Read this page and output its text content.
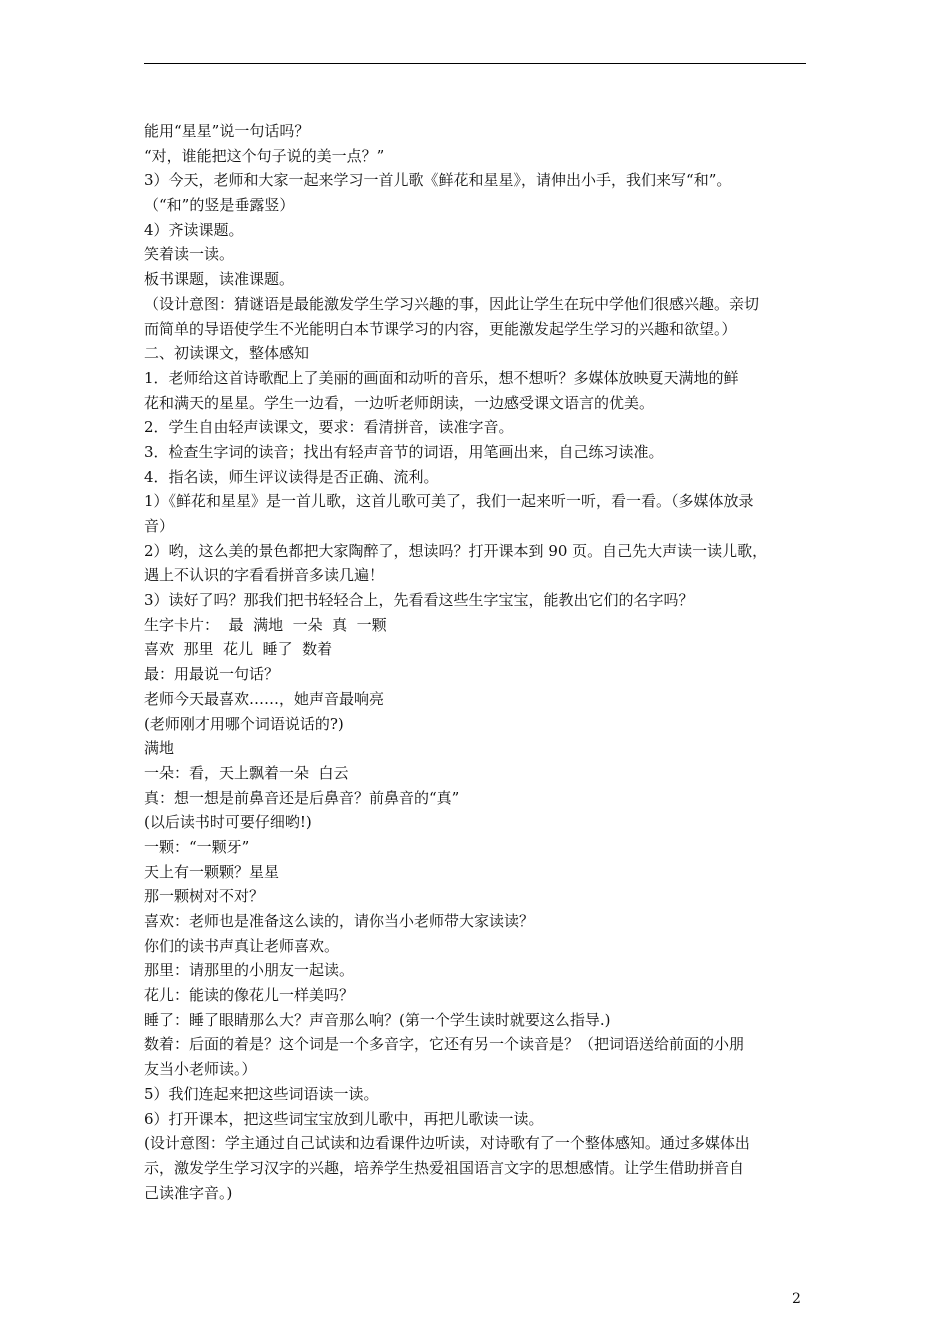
能用“星星”说一句话吗？
“对，谁能把这个句子说的美一点？”
3）今天，老师和大家一起来学习一首儿歌《鲜花和星星》，请伸出小手，我们来写“和”。
（“和”的竖是垂露竖）
4）齐读课题。
笑着读一读。
板书课题，读准课题。
（设计意图：猜谜语是最能激发学生学习兴趣的事，因此让学生在玩中学他们很感兴趣。亲切
而简单的导语使学生不光能明白本节课学习的内容，更能激发起学生学习的兴趣和欲望。）
二、初读课文，整体感知
1．老师给这首诗歌配上了美丽的画面和动听的音乐，想不想听？多媒体放映夏天满地的鲜
花和满天的星星。学生一边看，一边听老师朗读，一边感受课文语言的优美。
2．学生自由轻声读课文，要求：看清拼音，读准字音。
3．检查生字词的读音；找出有轻声音节的词语，用笔画出来，自己练习读准。
4．指名读，师生评议读得是否正确、流利。
1）《鲜花和星星》是一首儿歌，这首儿歌可美了，我们一起来听一听，看一看。（多媒体放录
音）
2）哟，这么美的景色都把大家陶醉了，想读吗？打开课本到 90 页。自己先大声读一读儿歌，
遇上不认识的字看看拼音多读几遍！
3）读好了吗？那我们把书轻轻合上，先看看这些生字宝宝，能教出它们的名字吗？
生字卡片：  最  满地  一朵  真  一颗
喜欢  那里  花儿  睡了  数着
最：用最说一句话？
老师今天最喜欢……，她声音最响亮
(老师刚才用哪个词语说话的?)
满地
一朵：看，天上飘着一朵  白云
真：想一想是前鼻音还是后鼻音？前鼻音的“真”
(以后读书时可要仔细哟!)
一颗：“一颗牙”
天上有一颗颗？星星
那一颗树对不对？
喜欢：老师也是准备这么读的，请你当小老师带大家读读？
你们的读书声真让老师喜欢。
那里：请那里的小朋友一起读。
花儿：能读的像花儿一样美吗？
睡了：睡了眼睛那么大？声音那么响？(第一个学生读时就要这么指导.)
数着：后面的着是？这个词是一个多音字，它还有另一个读音是？（把词语送给前面的小朋
友当小老师读。）
5）我们连起来把这些词语读一读。
6）打开课本，把这些词宝宝放到儿歌中，再把儿歌读一读。
(设计意图：学主通过自己试读和边看课件边听读，对诗歌有了一个整体感知。通过多媒体出
示，激发学生学习汉字的兴趣，培养学生热爱祖国语言文字的思想感情。让学生借助拼音自
己读准字音。)
2
